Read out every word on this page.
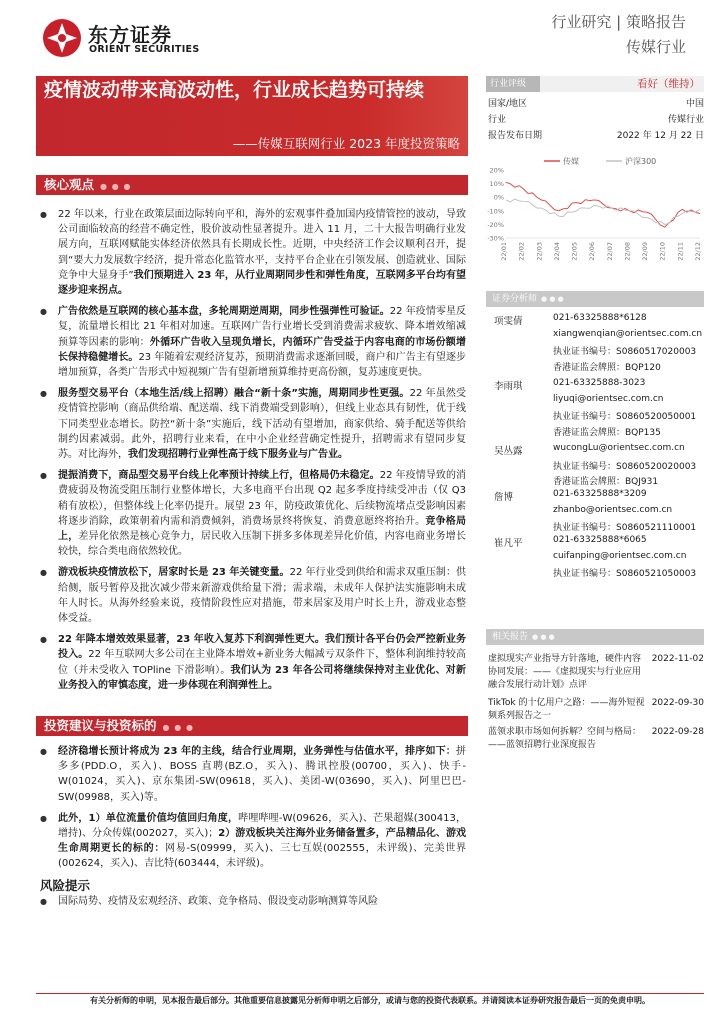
东方证券
ORIENT SECURITIES
行业研究 | 策略报告
传媒行业
疫情波动带来高波动性，行业成长趋势可持续
——传媒互联网行业 2023 年度投资策略
核心观点 ● ● ●
● 22 年以来，行业在政策层面边际转向平和，海外的宏观事件叠加国内疫情管控的波动，导致公司面临较高的经营不确定性，股价波动性显著提升。进入 11 月，二十大报告明确行业发展方向，互联网赋能实体经济依然具有长期成长性。近期，中央经济工作会议顺利召开，提到“要大力发展数字经济，提升常态化监管水平，支持平台企业在引领发展、创造就业、国际竞争中大显身手”我们预期进入 23 年，从行业周期同步性和弹性角度，互联网多平台均有望逐步迎来拐点。
● 广告依然是互联网的核心基本盘，多轮周期逆周期，同步性强弹性可验证。22 年疫情零星反复，流量增长相比 21 年相对加速。互联网广告行业增长受到消费需求疲软、降本增效缩减预算等因素的影响：外循环广告收入呈现负增长，内循环广告受益于内容电商的市场份额增长保持稳健增长。23 年随着宏观经济复苏，预期消费需求逐渐回暖，商户和广告主有望逐步增加预算，各类广告形式中短视频广告有望新增预算维持更高份额，复苏速度更快。
● 服务型交易平台（本地生活/线上招聘）融合“新十条”实施，周期同步性更强。22 年虽然受疫情管控影响（商品供给端、配送端、线下消费端受到影响），但线上业态具有韧性，优于线下同类型业态增长。防控“新十条”实施后，线下活动有望增加，商家供给、骑手配送等供给制约因素减弱。此外，招聘行业来看，在中小企业经营确定性提升，招聘需求有望同步复苏。对比海外，我们发现招聘行业弹性高于线下服务业与广告业。
● 提振消费下，商品型交易平台线上化率预计持续上行，但格局仍未稳定。22 年疫情导致的消费疲弱及物流受阻压制行业整体增长，大多电商平台出现 Q2 起多季度持续受冲击（仅 Q3 稍有放松），但整体线上化率仍提升。展望 23 年，防疫政策优化、后续物流堵点受影响因素将逐步消除，政策朝着内需和消费倾斜，消费场景终将恢复、消费意愿终将抬升。竞争格局上，差异化依然是核心竞争力，居民收入压制下拼多多体现差异化价值，内容电商业务增长较快，综合类电商依然较优。
● 游戏板块疫情放松下，居家时长是 23 年关键变量。22 年行业受到供给和需求双重压制：供给侧，版号暂停及批次减少带来新游戏供给量下滑；需求端，未成年人保护法实施影响未成年人时长。从海外经验来说，疫情阶段性应对措施，带来居家及用户时长上升，游戏业态整体受益。
● 22 年降本增效效果显著，23 年收入复苏下利润弹性更大。我们预计各平台仍会严控新业务投入。22 年互联网大多公司在主业降本增效+新业务大幅减亏双条件下，整体利润维持较高位（并未受收入 TOPline 下滑影响）。我们认为 23 年各公司将继续保持对主业优化、对新业务投入的审慎态度，进一步体现在利润弹性上。
投资建议与投资标的 ● ● ●
● 经济稳增长预计将成为 23 年的主线，结合行业周期，业务弹性与估值水平，排序如下：拼多多(PDD.O，买入)、BOSS 直聘(BZ.O，买入)、腾讯控股(00700，买入)、快手-W(01024，买入)、京东集团-SW(09618，买入)、美团-W(03690，买入)、阿里巴巴-SW(09988，买入)等。
● 此外，1）单位流量价值均值回归角度，哔哩哔哩-W(09626，买入)、芒果超媒(300413，增持)、分众传媒(002027，买入)；2）游戏板块关注海外业务储备置多，产品精品化、游戏生命周期更长的标的：网易-S(09999，买入)、三七互娱(002555，未评级)、完美世界(002624，买入)、吉比特(603444，未评级)。
风险提示
● 国际局势、疫情及宏观经济、政策、竞争格局、假设变动影响测算等风险
行业评级	看好（维持）
国家/地区	中国
行业	传媒行业
报告发布日期	2022 年 12 月 22 日
传媒	沪深300
20%
10%
0%
-10%
-20%
-30%
22/01 22/02 22/03 22/04 22/05 22/06 22/07 22/08 22/09 22/10 22/11 22/12
证券分析师 ● ● ●
项雯倩	021-63325888*6128
xiangwenqian@orientsec.com.cn
执业证书编号：S0860517020003
香港证监会牌照：BQP120
李雨琪	021-63325888-3023
liyuqi@orientsec.com.cn
执业证书编号：S0860520050001
香港证监会牌照：BQP135
吴丛露	wucongLu@orientsec.com.cn
执业证书编号：S0860520020003
香港证监会牌照：BQJ931
詹博	021-63325888*3209
zhanbo@orientsec.com.cn
执业证书编号：S0860521110001
崔凡平	021-63325888*6065
cuifanping@orientsec.com.cn
执业证书编号：S0860521050003
相关报告 ● ● ●
虚拟现实产业指导方针落地，硬件内容协同发展：——《虚拟现实与行业应用融合发展行动计划》点评
2022-11-02
TikTok 的十亿用户之路：——海外短视频系列报告之一
2022-09-30
蓝领求职市场如何拆解？空间与格局：——蓝领招聘行业深度报告
2022-09-28
有关分析师的申明，见本报告最后部分。其他重要信息披露见分析师申明之后部分，或请与您的投资代表联系。并请阅读本证券研究报告最后一页的免责申明。
